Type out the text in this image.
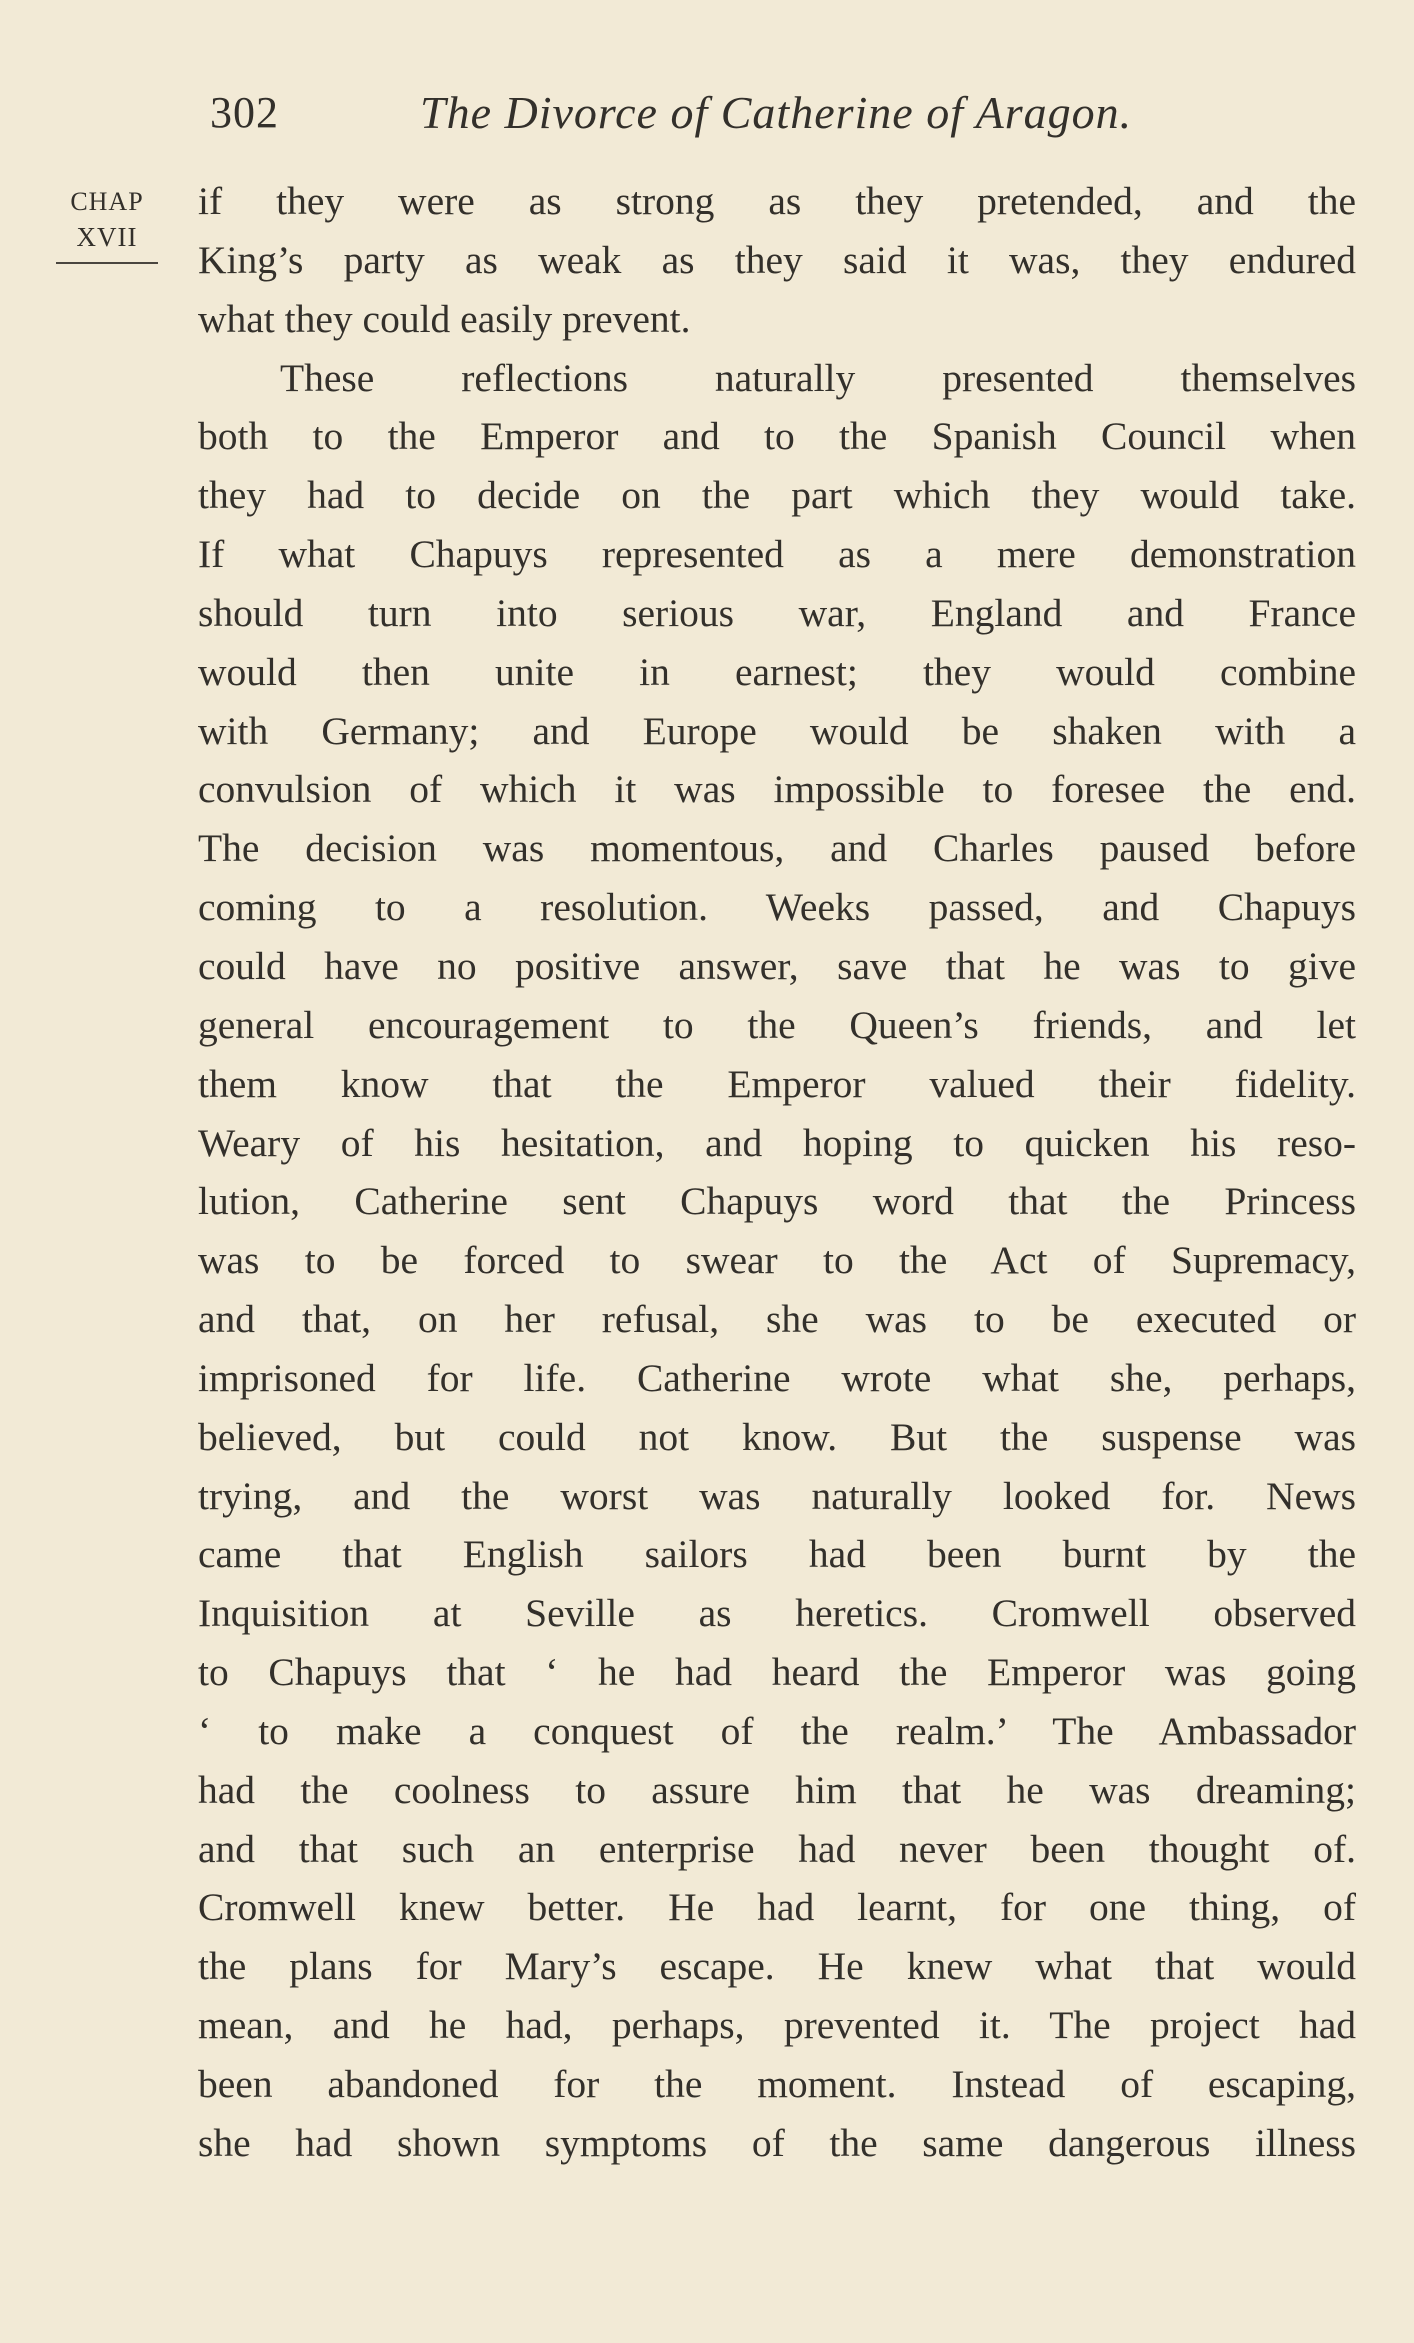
302	The Divorce of Catherine of Aragon.
CHAP
XVII
if they were as strong as they pretended, and the
King’s party as weak as they said it was, they endured
what they could easily prevent.
These reflections naturally presented themselves
both to the Emperor and to the Spanish Council when
they had to decide on the part which they would take.
If what Chapuys represented as a mere demonstration
should turn into serious war, England and France
would then unite in earnest; they would combine
with Germany; and Europe would be shaken with a
convulsion of which it was impossible to foresee the end.
The decision was momentous, and Charles paused before
coming to a resolution. Weeks passed, and Chapuys
could have no positive answer, save that he was to give
general encouragement to the Queen’s friends, and let
them know that the Emperor valued their fidelity.
Weary of his hesitation, and hoping to quicken his reso-
lution, Catherine sent Chapuys word that the Princess
was to be forced to swear to the Act of Supremacy,
and that, on her refusal, she was to be executed or
imprisoned for life. Catherine wrote what she, perhaps,
believed, but could not know. But the suspense was
trying, and the worst was naturally looked for. News
came that English sailors had been burnt by the
Inquisition at Seville as heretics. Cromwell observed
to Chapuys that ‘ he had heard the Emperor was going
‘ to make a conquest of the realm.’ The Ambassador
had the coolness to assure him that he was dreaming;
and that such an enterprise had never been thought of.
Cromwell knew better. He had learnt, for one thing, of
the plans for Mary’s escape. He knew what that would
mean, and he had, perhaps, prevented it. The project had
been abandoned for the moment. Instead of escaping,
she had shown symptoms of the same dangerous illness
